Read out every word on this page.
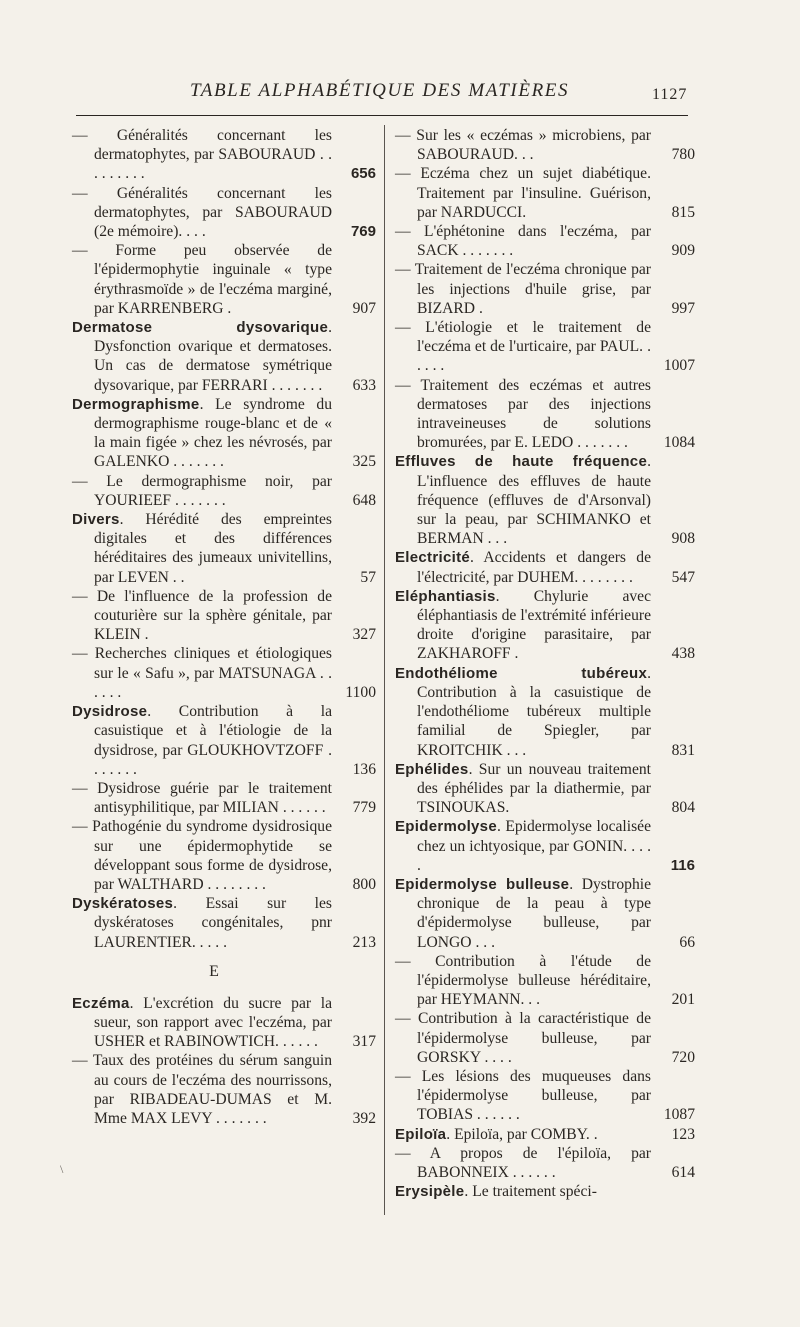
TABLE ALPHABÉTIQUE DES MATIÈRES	1127
— Généralités concernant les dermatophytes, par SABOURAUD . . . . . . . . .	656
— Généralités concernant les dermatophytes, par SABOURAUD (2e mémoire). . . .	769
— Forme peu observée de l'épidermophytie inguinale « type érythrasmoïde » de l'eczéma marginé, par KARRENBERG .	907
Dermatose dysovarique. Dysfonction ovarique et dermatoses. Un cas de dermatose symétrique dysovarique, par FERRARI . . . . . . .	633
Dermographisme. Le syndrome du dermographisme rouge-blanc et de « la main figée » chez les névrosés, par GALENKO . . . . . . .	325
— Le dermographisme noir, par YOURIEEF . . . . . . .	648
Divers. Hérédité des empreintes digitales et des différences héréditaires des jumeaux univitellins, par LEVEN . .	57
— De l'influence de la profession de couturière sur la sphère génitale, par KLEIN .	327
— Recherches cliniques et étiologiques sur le « Safu », par MATSUNAGA . . . . . .	1100
Dysidrose. Contribution à la casuistique et à l'étiologie de la dysidrose, par GLOUKHOVTZOFF . . . . . . .	136
— Dysidrose guérie par le traitement antisyphilitique, par MILIAN . . . . . .	779
— Pathogénie du syndrome dysidrosique sur une épidermophytide se développant sous forme de dysidrose, par WALTHARD . . . . . . . .	800
Dyskératoses. Essai sur les dyskératoses congénitales, pnr LAURENTIER. . . . .	213
E
Eczéma. L'excrétion du sucre par la sueur, son rapport avec l'eczéma, par USHER et RABINOWTICH. . . . . .	317
— Taux des protéines du sérum sanguin au cours de l'eczéma des nourrissons, par RIBADEAU-DUMAS et M. Mme MAX LEVY . . . . . . .	392
— Sur les « eczémas » microbiens, par SABOURAUD. . .	780
— Eczéma chez un sujet diabétique. Traitement par l'insuline. Guérison, par NARDUCCI.	815
— L'éphétonine dans l'eczéma, par SACK . . . . . . .	909
— Traitement de l'eczéma chronique par les injections d'huile grise, par BIZARD .	997
— L'étiologie et le traitement de l'eczéma et de l'urticaire, par PAUL. . . . . .	1007
— Traitement des eczémas et autres dermatoses par des injections intraveineuses de solutions bromurées, par E. LEDO . . . . . . .	1084
Effluves de haute fréquence. L'influence des effluves de haute fréquence (effluves de d'Arsonval) sur la peau, par SCHIMANKO et BERMAN . . .	908
Electricité. Accidents et dangers de l'électricité, par DUHEM. . . . . . . .	547
Eléphantiasis. Chylurie avec éléphantiasis de l'extrémité inférieure droite d'origine parasitaire, par ZAKHAROFF .	438
Endothéliome tubéreux. Contribution à la casuistique de l'endothéliome tubéreux multiple familial de Spiegler, par KROITCHIK . . .	831
Ephélides. Sur un nouveau traitement des éphélides par la diathermie, par TSINOUKAS.	804
Epidermolyse. Epidermolyse localisée chez un ichtyosique, par GONIN. . . . .	116
Epidermolyse bulleuse. Dystrophie chronique de la peau à type d'épidermolyse bulleuse, par LONGO . . .	66
— Contribution à l'étude de l'épidermolyse bulleuse héréditaire, par HEYMANN. . .	201
— Contribution à la caractéristique de l'épidermolyse bulleuse, par GORSKY . . . .	720
— Les lésions des muqueuses dans l'épidermolyse bulleuse, par TOBIAS . . . . . .	1087
Epiloïa. Epiloïa, par COMBY. .	123
— A propos de l'épiloïa, par BABONNEIX . . . . . .	614
Erysipèle. Le traitement spéci-
\
